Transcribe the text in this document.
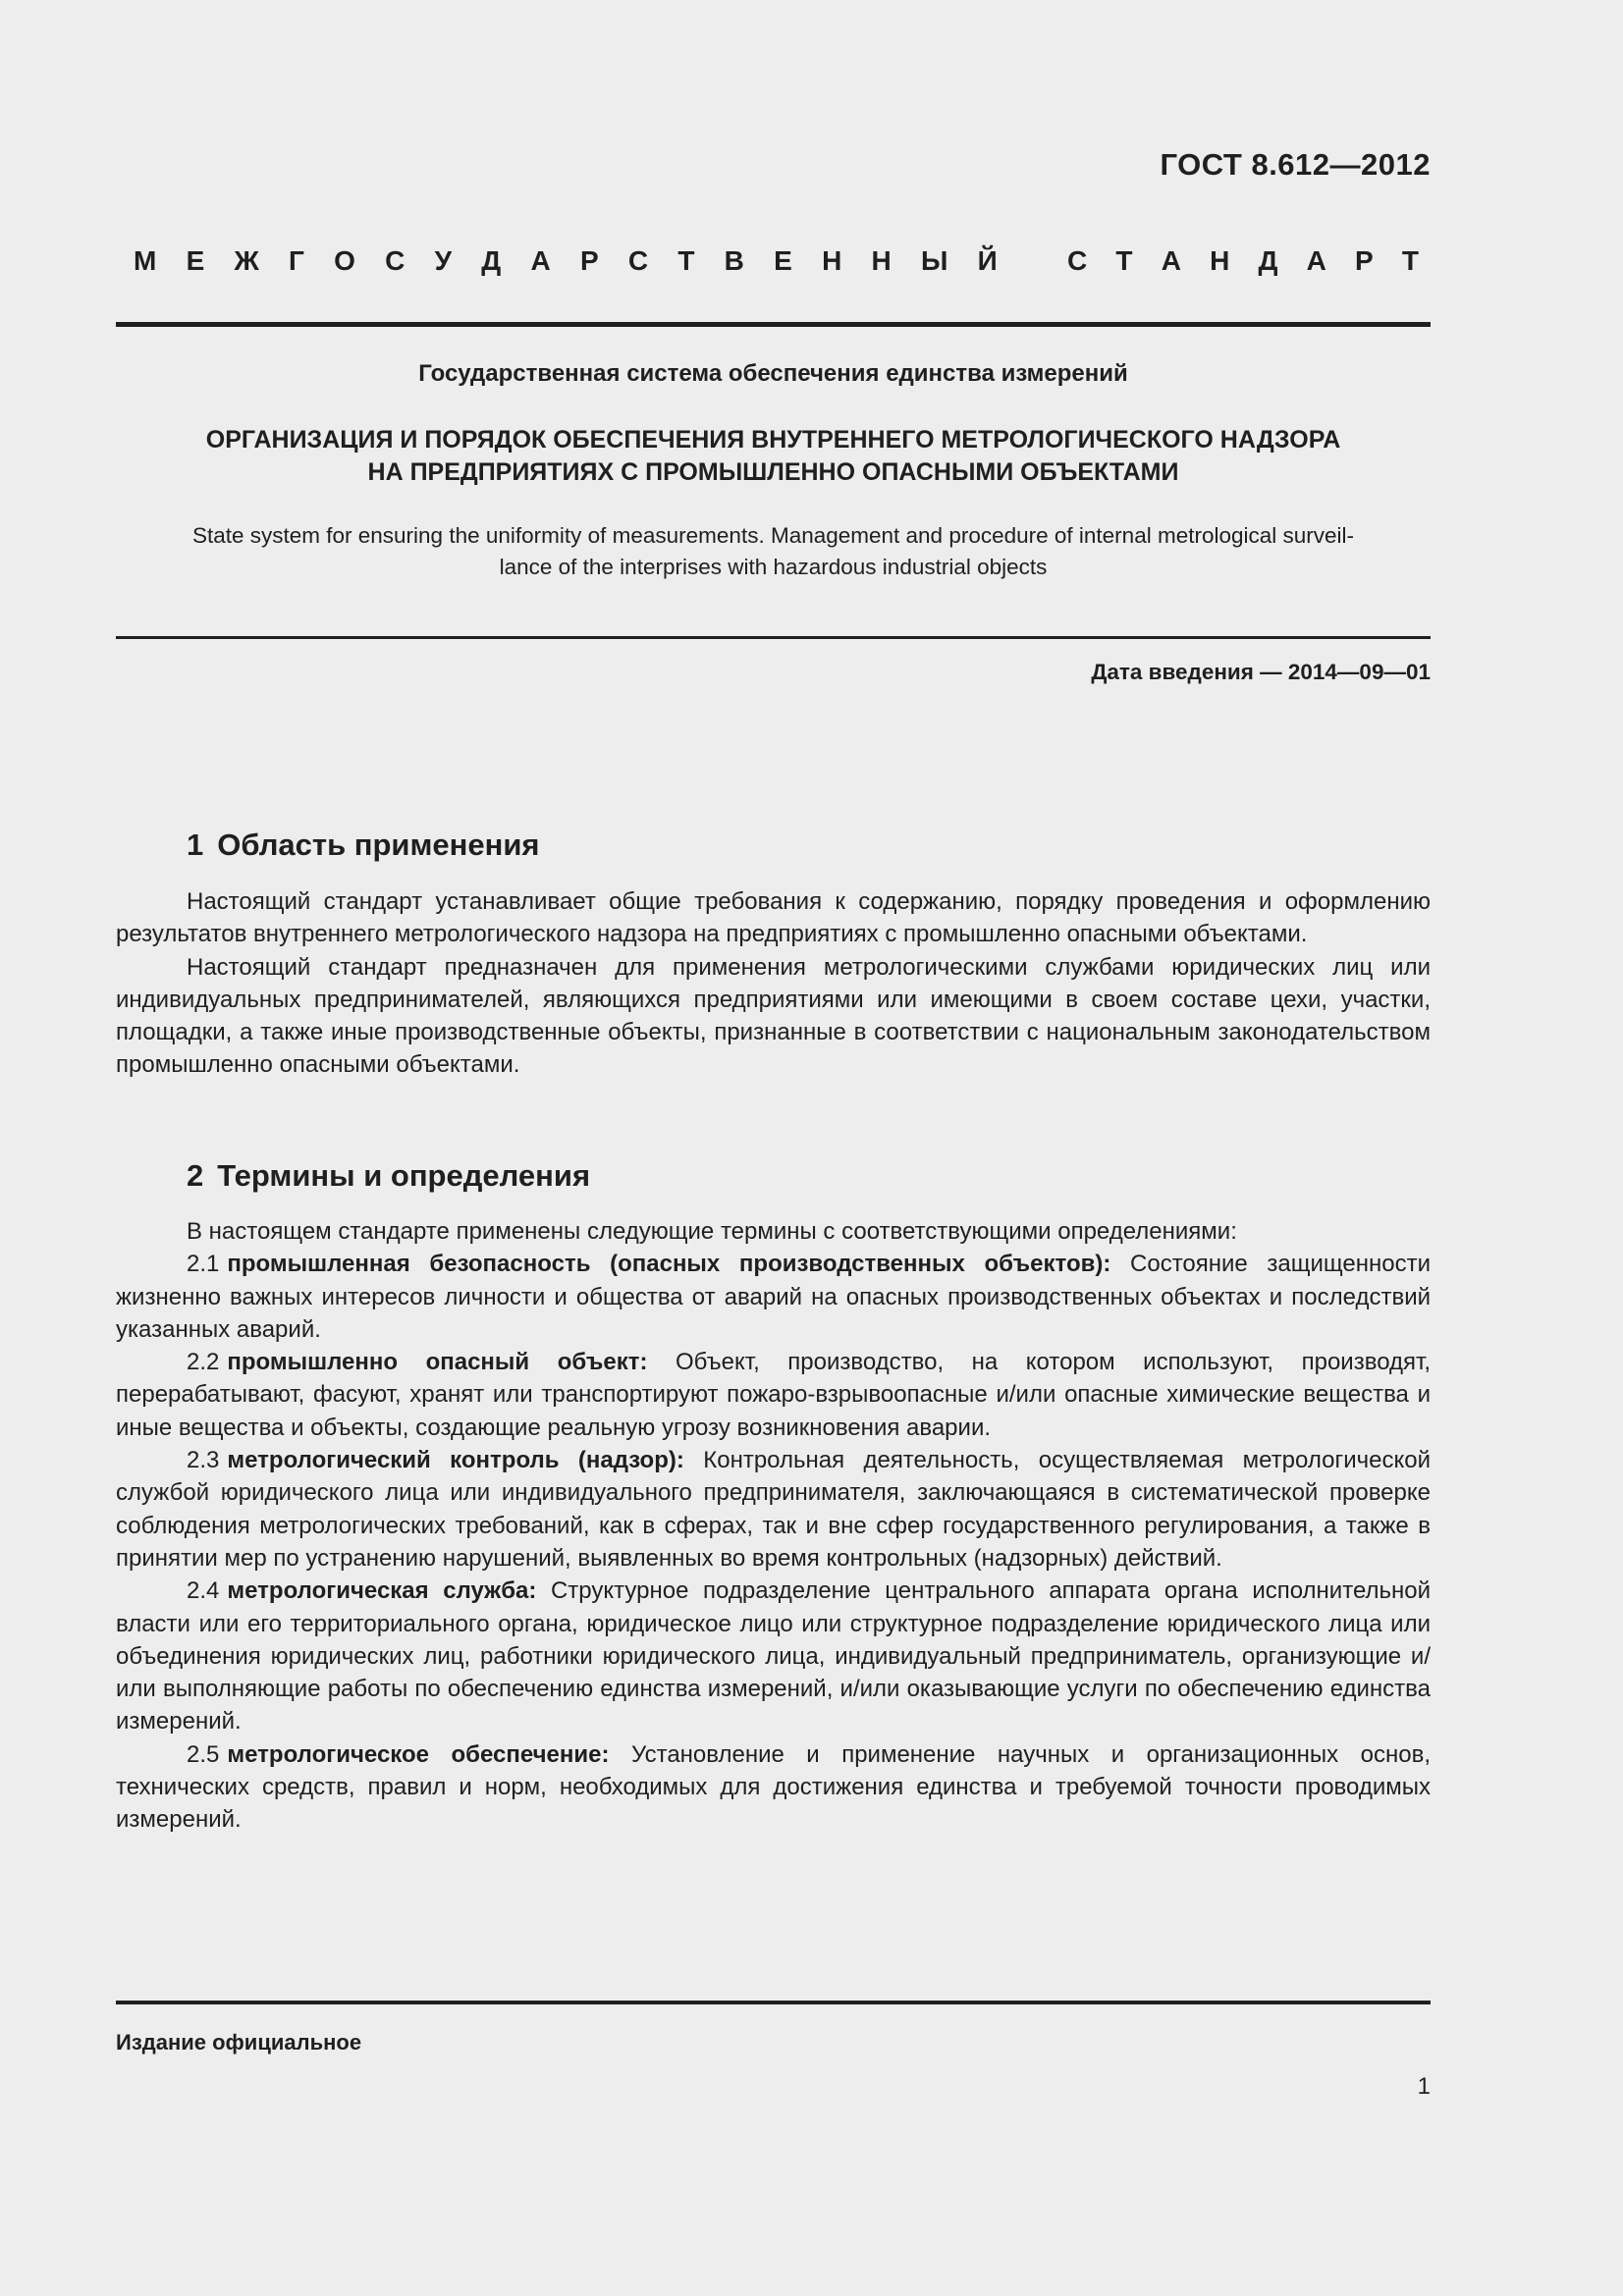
ГОСТ 8.612—2012
М Е Ж Г О С У Д А Р С Т В Е Н Н Ы Й	С Т А Н Д А Р Т
Государственная система обеспечения единства измерений
ОРГАНИЗАЦИЯ И ПОРЯДОК ОБЕСПЕЧЕНИЯ ВНУТРЕННЕГО МЕТРОЛОГИЧЕСКОГО НАДЗОРА
НА ПРЕДПРИЯТИЯХ С ПРОМЫШЛЕННО ОПАСНЫМИ ОБЪЕКТАМИ
State system for ensuring the uniformity of measurements. Management and procedure of internal metrological surveil-
lance of the interprises with hazardous industrial objects
Дата введения — 2014—09—01
1 Область применения

Настоящий стандарт устанавливает общие требования к содержанию, порядку проведения и оформлению результатов внутреннего метрологического надзора на предприятиях с промышленно опасными объектами.

Настоящий стандарт предназначен для применения метрологическими службами юридических лиц или индивидуальных предпринимателей, являющихся предприятиями или имеющими в своем составе цехи, участки, площадки, а также иные производственные объекты, признанные в соответствии с национальным законодательством промышленно опасными объектами.

2 Термины и определения

В настоящем стандарте применены следующие термины с соответствующими определениями:

2.1 промышленная безопасность (опасных производственных объектов): Состояние защищенности жизненно важных интересов личности и общества от аварий на опасных производственных объектах и последствий указанных аварий.

2.2 промышленно опасный объект: Объект, производство, на котором используют, производят, перерабатывают, фасуют, хранят или транспортируют пожаро-взрывоопасные и/или опасные химические вещества и иные вещества и объекты, создающие реальную угрозу возникновения аварии.

2.3 метрологический контроль (надзор): Контрольная деятельность, осуществляемая метрологической службой юридического лица или индивидуального предпринимателя, заключающаяся в систематической проверке соблюдения метрологических требований, как в сферах, так и вне сфер государственного регулирования, а также в принятии мер по устранению нарушений, выявленных во время контрольных (надзорных) действий.

2.4 метрологическая служба: Структурное подразделение центрального аппарата органа исполнительной власти или его территориального органа, юридическое лицо или структурное подразделение юридического лица или объединения юридических лиц, работники юридического лица, индивидуальный предприниматель, организующие и/или выполняющие работы по обеспечению единства измерений, и/или оказывающие услуги по обеспечению единства измерений.

2.5 метрологическое обеспечение: Установление и применение научных и организационных основ, технических средств, правил и норм, необходимых для достижения единства и требуемой точности проводимых измерений.

Издание официальное
1
